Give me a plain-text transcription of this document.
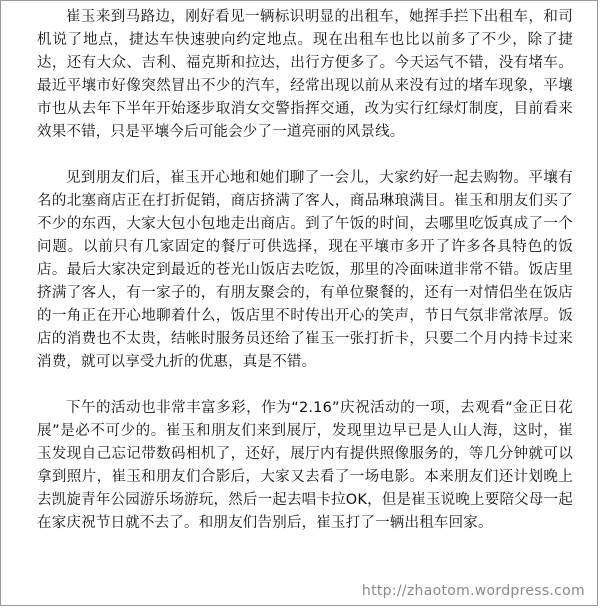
崔玉来到马路边，刚好看见一辆标识明显的出租车，她挥手拦下出租车，和司机说了地点，捷达车快速驶向约定地点。现在出租车也比以前多了不少，除了捷达，还有大众、吉利、福克斯和拉达，出行方便多了。今天运气不错，没有堵车。最近平壤市好像突然冒出不少的汽车，经常出现以前从来没有过的堵车现象，平壤市也从去年下半年开始逐步取消女交警指挥交通，改为实行红绿灯制度，目前看来效果不错，只是平壤今后可能会少了一道亮丽的风景线。

见到朋友们后，崔玉开心地和她们聊了一会儿，大家约好一起去购物。平壤有名的北塞商店正在打折促销，商店挤满了客人，商品琳琅满目。崔玉和朋友们买了不少的东西，大家大包小包地走出商店。到了午饭的时间，去哪里吃饭真成了一个问题。以前只有几家固定的餐厅可供选择，现在平壤市多开了许多各具特色的饭店。最后大家决定到最近的苍光山饭店去吃饭，那里的冷面味道非常不错。饭店里挤满了客人，有一家子的，有朋友聚会的，有单位聚餐的，还有一对情侣坐在饭店的一角正在开心地聊着什么，饭店里不时传出开心的笑声，节日气氛非常浓厚。饭店的消费也不太贵，结帐时服务员还给了崔玉一张打折卡，只要二个月内持卡过来消费，就可以享受九折的优惠，真是不错。

下午的活动也非常丰富多彩，作为“2.16”庆祝活动的一项，去观看“金正日花展”是必不可少的。崔玉和朋友们来到展厅，发现里边早已是人山人海，这时，崔玉发现自己忘记带数码相机了，还好，展厅内有提供照像服务的，等几分钟就可以拿到照片，崔玉和朋友们合影后，大家又去看了一场电影。本来朋友们还计划晚上去凯旋青年公园游乐场游玩，然后一起去唱卡拉OK，但是崔玉说晚上要陪父母一起在家庆祝节日就不去了。和朋友们告别后，崔玉打了一辆出租车回家。

http://zhaotom.wordpress.com
